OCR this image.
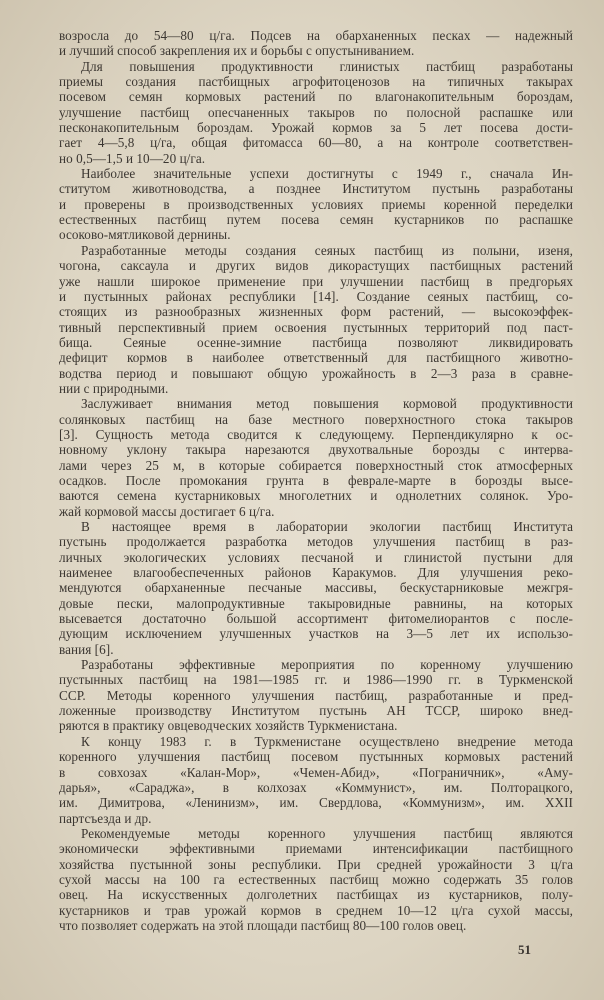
возросла до 54—80 ц/га. Подсев на обарханенных песках — надежный
и лучший способ закрепления их и борьбы с опустыниванием.
Для повышения продуктивности глинистых пастбищ разработаны
приемы создания пастбищных агрофитоценозов на типичных такырах
посевом семян кормовых растений по влагонакопительным бороздам,
улучшение пастбищ опесчаненных такыров по полосной распашке или
песконакопительным бороздам. Урожай кормов за 5 лет посева дости-
гает 4—5,8 ц/га, общая фитомасса 60—80, а на контроле соответствен-
но 0,5—1,5 и 10—20 ц/га.
Наиболее значительные успехи достигнуты с 1949 г., сначала Ин-
ститутом животноводства, а позднее Институтом пустынь разработаны
и проверены в производственных условиях приемы коренной переделки
естественных пастбищ путем посева семян кустарников по распашке
осоково-мятликовой дернины.
Разработанные методы создания сеяных пастбищ из полыни, изеня,
чогона, саксаула и других видов дикорастущих пастбищных растений
уже нашли широкое применение при улучшении пастбищ в предгорьях
и пустынных районах республики [14]. Создание сеяных пастбищ, со-
стоящих из разнообразных жизненных форм растений, — высокоэффек-
тивный перспективный прием освоения пустынных территорий под паст-
бища. Сеяные осенне-зимние пастбища позволяют ликвидировать
дефицит кормов в наиболее ответственный для пастбищного животно-
водства период и повышают общую урожайность в 2—3 раза в сравне-
нии с природными.
Заслуживает внимания метод повышения кормовой продуктивности
солянковых пастбищ на базе местного поверхностного стока такыров
[3]. Сущность метода сводится к следующему. Перпендикулярно к ос-
новному уклону такыра нарезаются двухотвальные борозды с интерва-
лами через 25 м, в которые собирается поверхностный сток атмосферных
осадков. После промокания грунта в феврале-марте в борозды высе-
ваются семена кустарниковых многолетних и однолетних солянок. Уро-
жай кормовой массы достигает 6 ц/га.
В настоящее время в лаборатории экологии пастбищ Института
пустынь продолжается разработка методов улучшения пастбищ в раз-
личных экологических условиях песчаной и глинистой пустыни для
наименее влагообеспеченных районов Каракумов. Для улучшения реко-
мендуются обарханенные песчаные массивы, бескустарниковые межгря-
довые пески, малопродуктивные такыровидные равнины, на которых
высевается достаточно большой ассортимент фитомелиорантов с после-
дующим исключением улучшенных участков на 3—5 лет их использо-
вания [6].
Разработаны эффективные мероприятия по коренному улучшению
пустынных пастбищ на 1981—1985 гг. и 1986—1990 гг. в Туркменской
ССР. Методы коренного улучшения пастбищ, разработанные и пред-
ложенные производству Институтом пустынь АН ТССР, широко внед-
ряются в практику овцеводческих хозяйств Туркменистана.
К концу 1983 г. в Туркменистане осуществлено внедрение метода
коренного улучшения пастбищ посевом пустынных кормовых растений
в совхозах «Калан-Мор», «Чемен-Абид», «Пограничник», «Аму-
дарья», «Сараджа», в колхозах «Коммунист», им. Полторацкого,
им. Димитрова, «Ленинизм», им. Свердлова, «Коммунизм», им. XXII
партсъезда и др.
Рекомендуемые методы коренного улучшения пастбищ являются
экономически эффективными приемами интенсификации пастбищного
хозяйства пустынной зоны республики. При средней урожайности 3 ц/га
сухой массы на 100 га естественных пастбищ можно содержать 35 голов
овец. На искусственных долголетних пастбищах из кустарников, полу-
кустарников и трав урожай кормов в среднем 10—12 ц/га сухой массы,
что позволяет содержать на этой площади пастбищ 80—100 голов овец.
51
